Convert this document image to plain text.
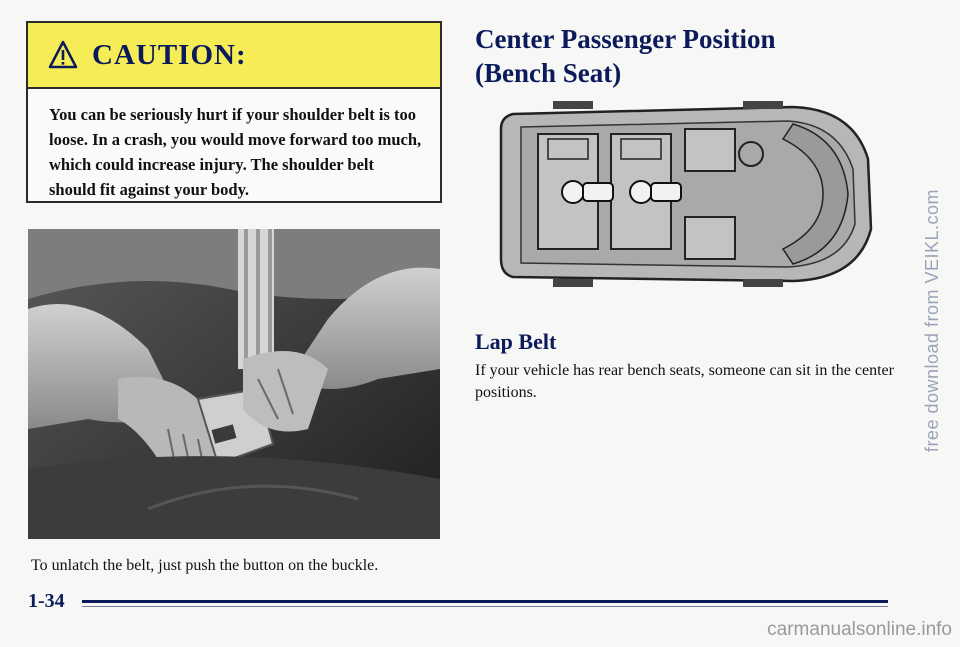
CAUTION:
You can be seriously hurt if your shoulder belt is too loose. In a crash, you would move forward too much, which could increase injury. The shoulder belt should fit against your body.
To unlatch the belt, just push the button on the buckle.
1-34
Center Passenger Position
(Bench Seat)
Lap Belt
If your vehicle has rear bench seats, someone can sit in the center positions.	free download from VEIKL.com
carmanualsonline.info
